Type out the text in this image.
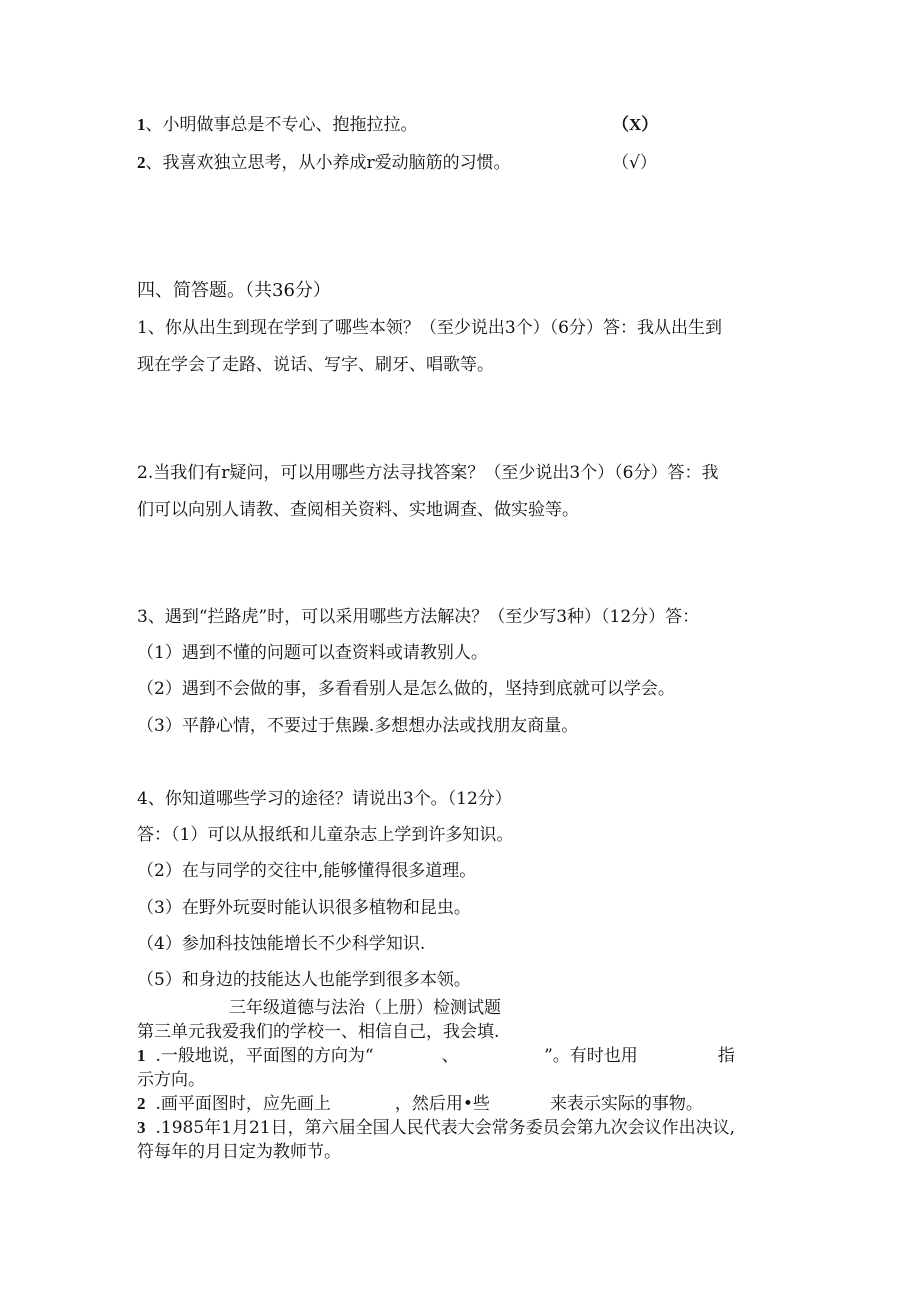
1、小明做事总是不专心、抱拖拉拉。	（X）
2、我喜欢独立思考，从小养成r爱动脑筋的习惯。	（√）
四、简答题。（共36分）
1、你从出生到现在学到了哪些本领？（至少说出3个）（6分）答：我从出生到
现在学会了走路、说话、写字、刷牙、唱歌等。
2.当我们有r疑问，可以用哪些方法寻找答案？（至少说出3个）（6分）答：我
们可以向别人请教、查阅相关资料、实地调查、做实验等。
3、遇到“拦路虎”时，可以采用哪些方法解决？（至少写3种）（12分）答：
（1）遇到不懂的问题可以查资料或请教别人。
（2）遇到不会做的事，多看看别人是怎么做的，坚持到底就可以学会。
（3）平静心情，不要过于焦躁.多想想办法或找朋友商量。
4、你知道哪些学习的途径？请说出3个。（12分）
答：（1）可以从报纸和儿童杂志上学到许多知识。
（2）在与同学的交往中,能够懂得很多道理。
（3）在野外玩耍时能认识很多植物和昆虫。
（4）参加科技蚀能增长不少科学知识.
（5）和身边的技能达人也能学到很多本领。
三年级道德与法治（上册）检测试题
第三单元我爱我们的学校一、相信自己，我会填.
1 .一般地说，平面图的方向为“	、	”。有时也用	指
示方向。
2 .画平面图时，应先画上	，然后用•些	来表示实际的事物。
3 .1985年1月21日，第六届全国人民代表大会常务委员会第九次会议作出决议,
符每年的月日定为教师节。
